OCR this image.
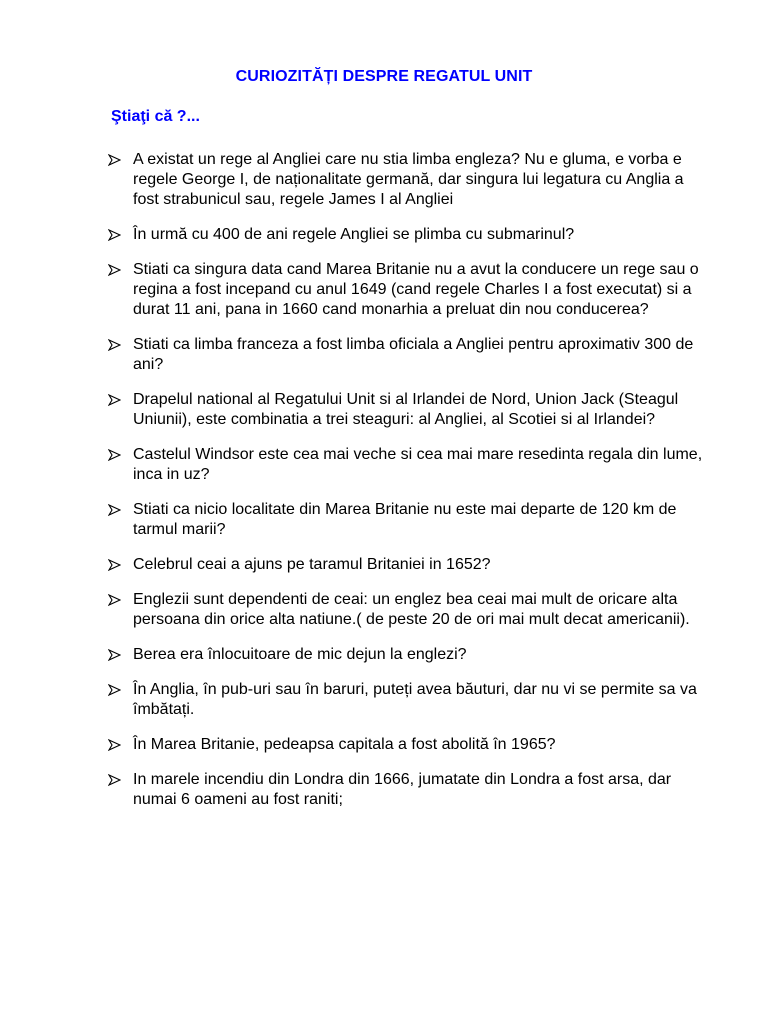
CURIOZITĂȚI DESPRE REGATUL UNIT
Ştiaţi că ?...
A existat un rege al Angliei care nu stia limba engleza? Nu e gluma, e vorba e regele George I, de naționalitate germană, dar singura lui legatura cu Anglia a fost strabunicul sau, regele James I al Angliei
În urmă cu 400 de ani regele Angliei se plimba cu submarinul?
Stiati ca singura data cand Marea Britanie nu a avut la conducere un rege sau o regina a fost incepand cu anul 1649 (cand regele Charles I a fost executat) si a durat 11 ani, pana in 1660 cand monarhia a preluat din nou conducerea?
Stiati ca limba franceza a fost limba oficiala a Angliei pentru aproximativ 300 de ani?
Drapelul national al Regatului Unit si al Irlandei de Nord, Union Jack (Steagul Uniunii), este combinatia a trei steaguri: al Angliei, al Scotiei si al Irlandei?
Castelul Windsor este cea mai veche si cea mai mare resedinta regala din lume, inca in uz?
Stiati ca nicio localitate din Marea Britanie nu este mai departe de 120 km de tarmul marii?
Celebrul ceai a ajuns pe taramul Britaniei in 1652?
Englezii sunt dependenti de ceai: un englez bea ceai mai mult de oricare alta persoana din orice alta natiune.( de peste 20 de ori mai mult decat americanii).
Berea era înlocuitoare de mic dejun la englezi?
În Anglia, în pub-uri sau în baruri, puteți avea băuturi, dar nu vi se permite sa va îmbătați.
În Marea Britanie, pedeapsa capitala a fost abolită în 1965?
In marele incendiu din Londra din 1666, jumatate din Londra a fost arsa, dar numai 6 oameni au fost raniti;
